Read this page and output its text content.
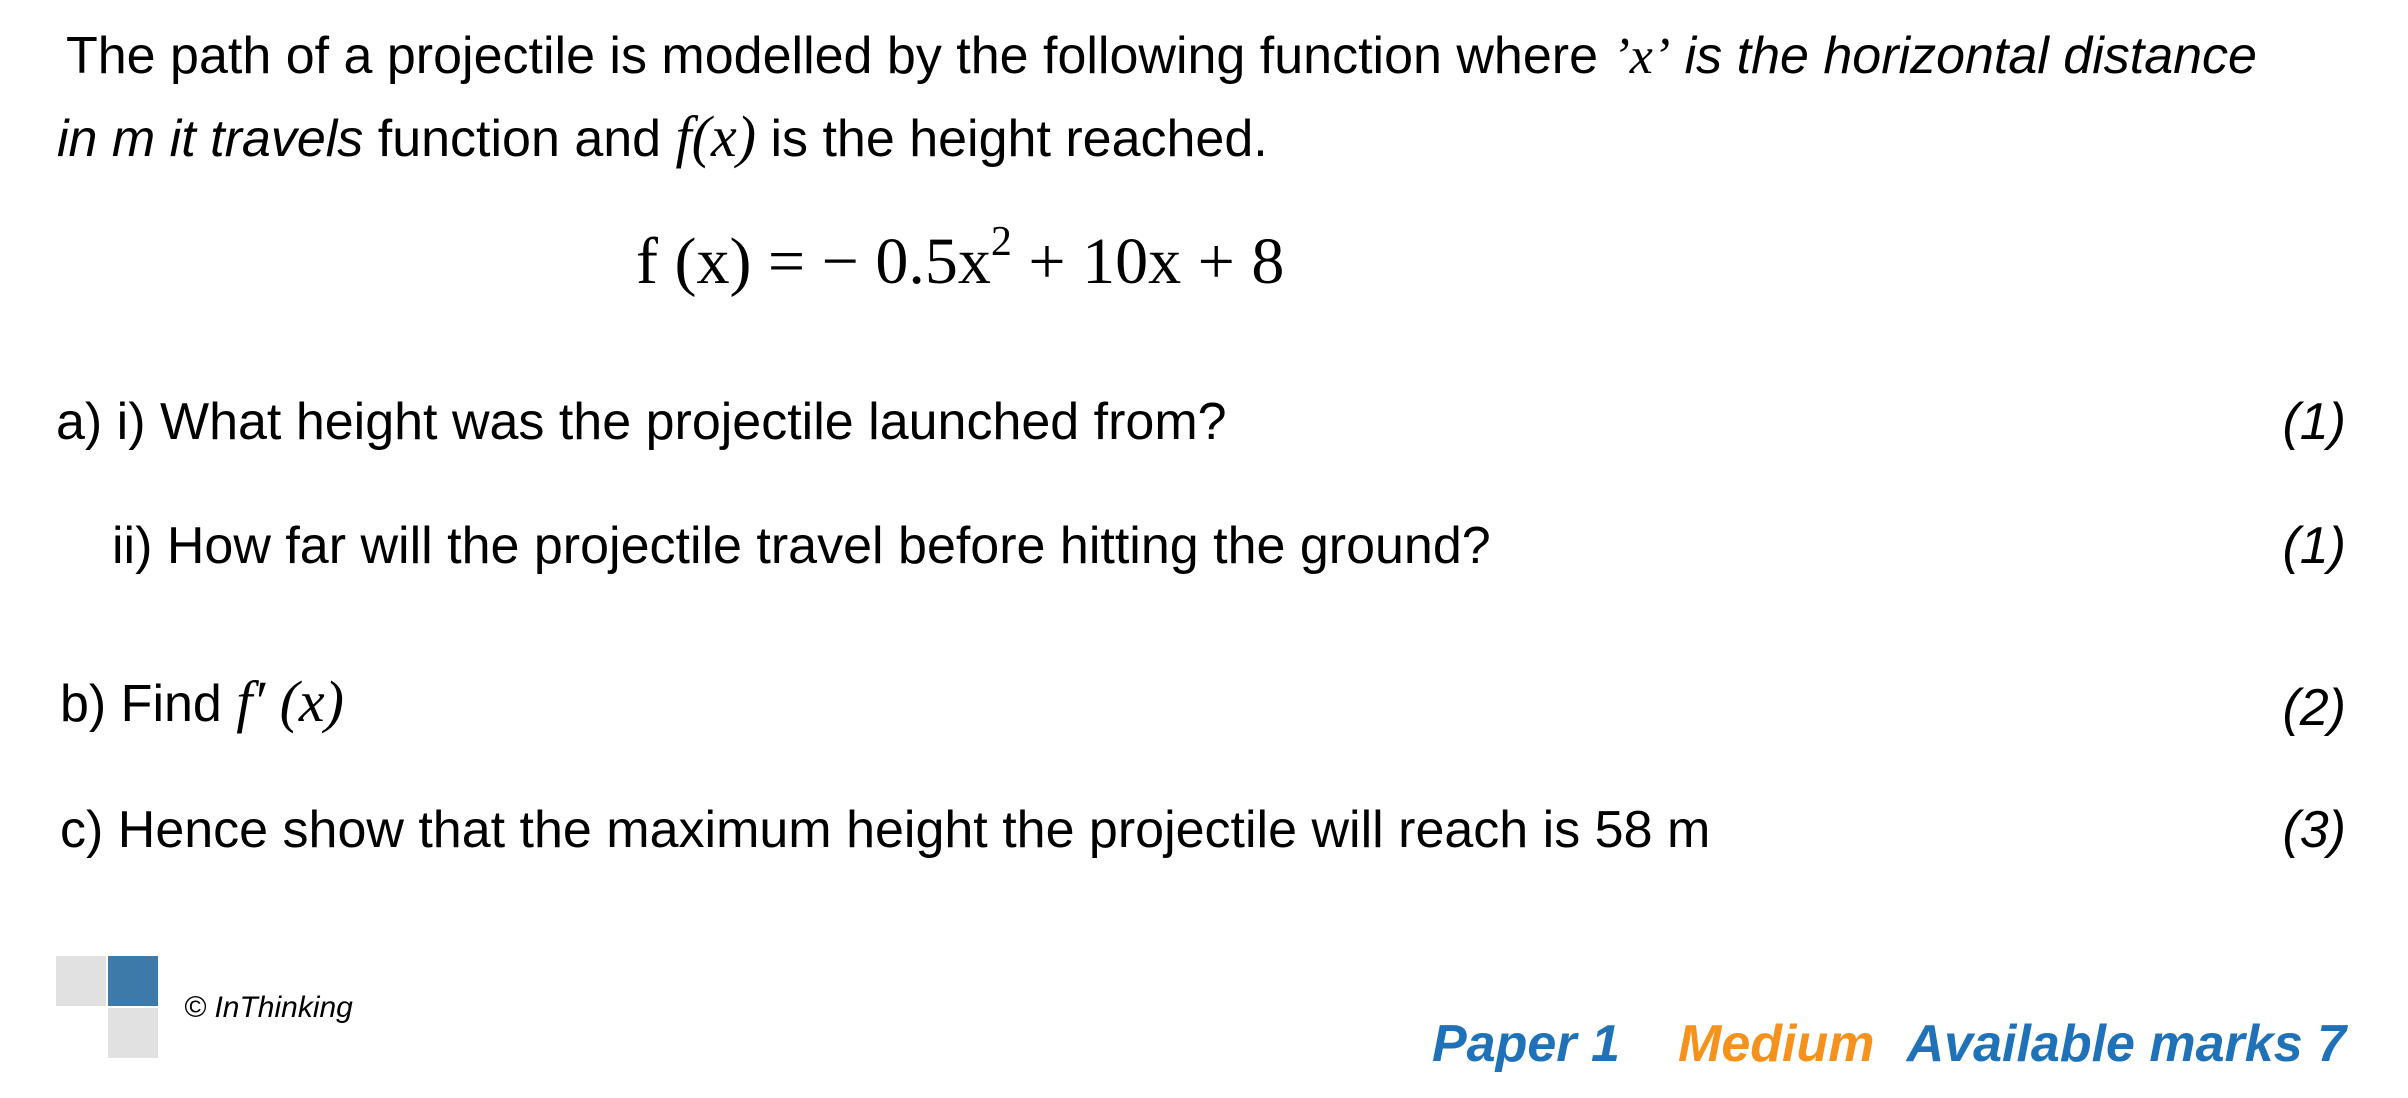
The path of a projectile is modelled by the following function where ’x’ is the horizontal distance
in m it travels function and f(x) is the height reached.
f (x) = − $0.5x^2 + 10x + 8$
a) i) What height was the projectile launched from?	(1)
ii) How far will the projectile travel before hitting the ground?	(1)
b) Find f′ (x)	(2)
c) Hence show that the maximum height the projectile will reach is 58 m	(3)
© InThinking
Paper 1 Medium Available marks 7
